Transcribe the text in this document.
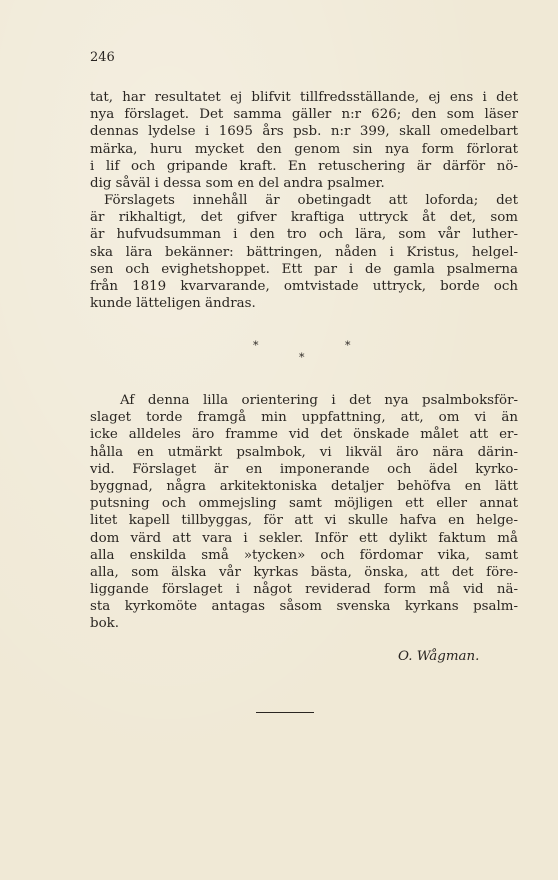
246
tat, har resultatet ej blifvit tillfredsställande, ej ens i det
nya förslaget. Det samma gäller n:r 626; den som läser
dennas lydelse i 1695 års psb. n:r 399, skall omedelbart
märka, huru mycket den genom sin nya form förlorat
i lif och gripande kraft. En retuschering är därför nö-
dig såväl i dessa som en del andra psalmer.
Förslagets innehåll är obetingadt att loforda; det
är rikhaltigt, det gifver kraftiga uttryck åt det, som
är hufvudsumman i den tro och lära, som vår luther-
ska lära bekänner: bättringen, nåden i Kristus, helgel-
sen och evighetshoppet. Ett par i de gamla psalmerna
från 1819 kvarvarande, omtvistade uttryck, borde och
kunde lätteligen ändras.
*	*
*
Af denna lilla orientering i det nya psalmboksför-
slaget torde framgå min uppfattning, att, om vi än
icke alldeles äro framme vid det önskade målet att er-
hålla en utmärkt psalmbok, vi likväl äro nära därin-
vid. Förslaget är en imponerande och ädel kyrko-
byggnad, några arkitektoniska detaljer behöfva en lätt
putsning och ommejsling samt möjligen ett eller annat
litet kapell tillbyggas, för att vi skulle hafva en helge-
dom värd att vara i sekler. Inför ett dylikt faktum må
alla enskilda små »tycken» och fördomar vika, samt
alla, som älska vår kyrkas bästa, önska, att det före-
liggande förslaget i något reviderad form må vid nä-
sta kyrkomöte antagas såsom svenska kyrkans psalm-
bok.
O. Wågman.
